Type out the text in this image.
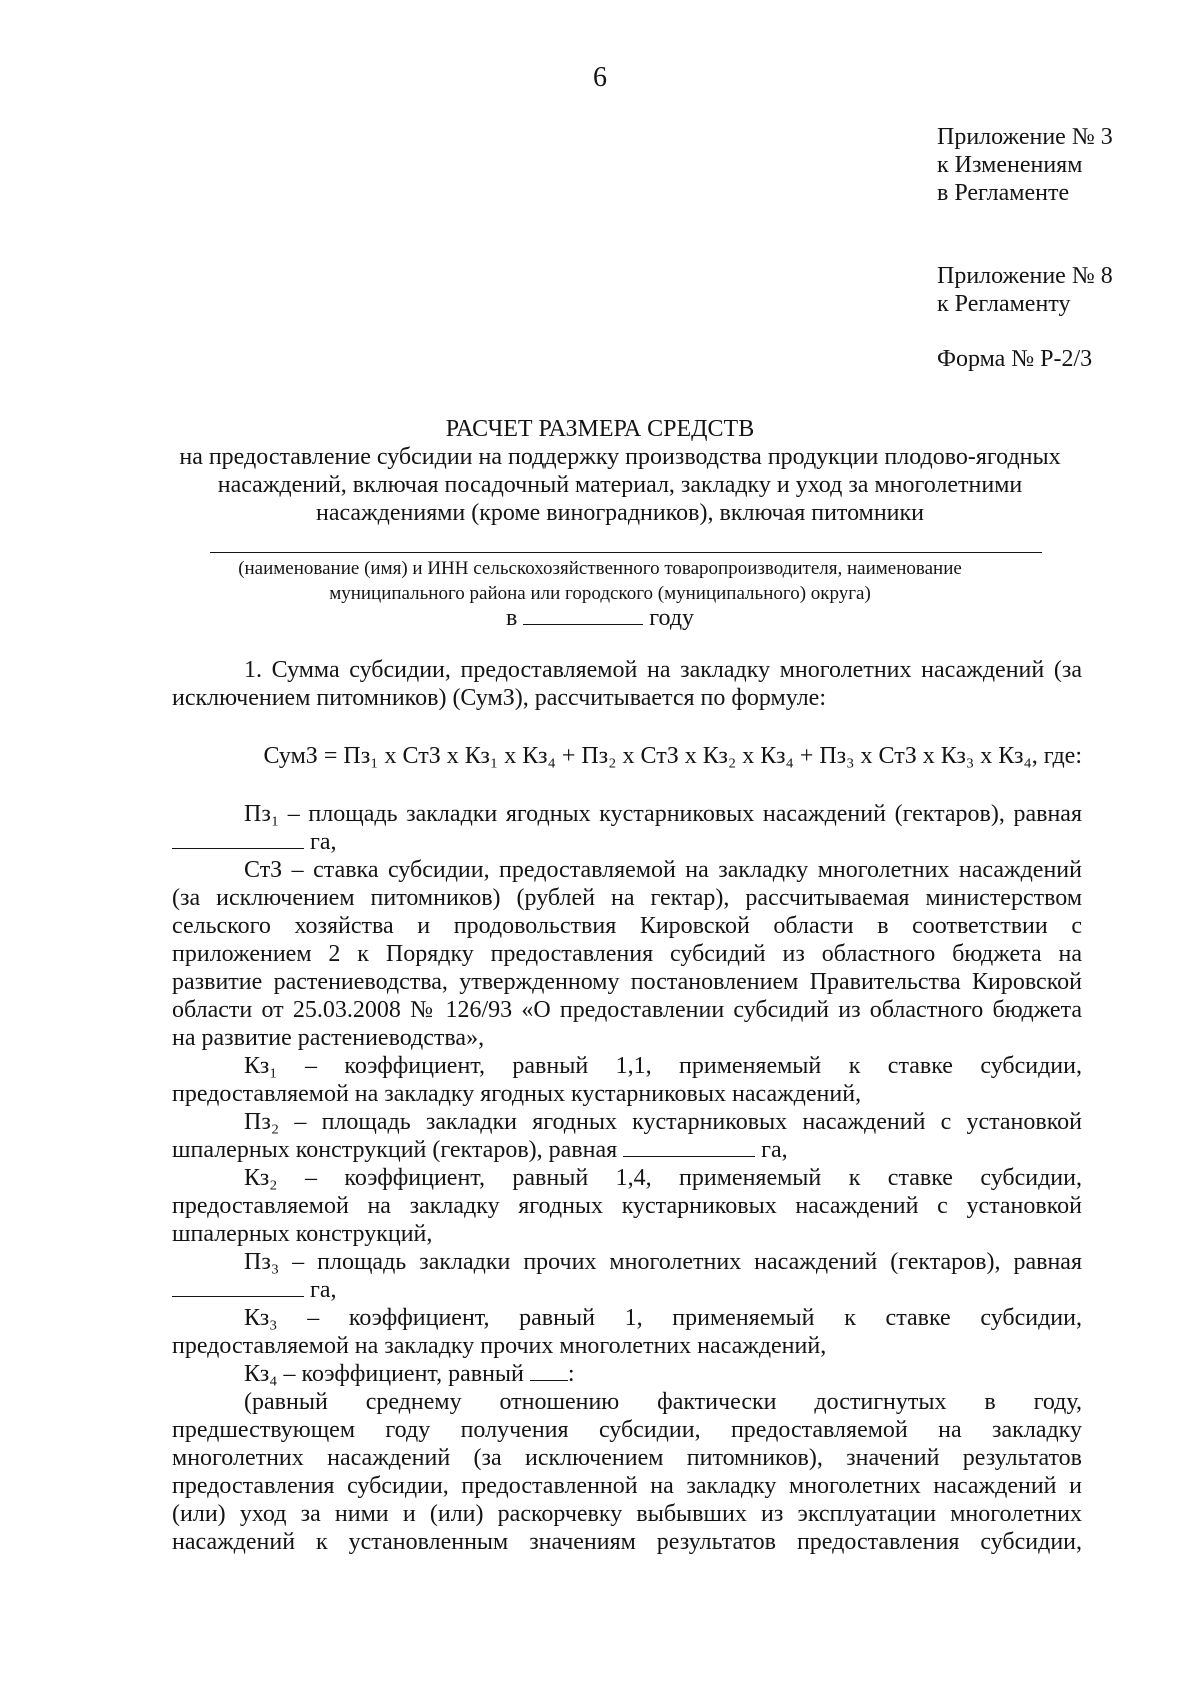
6
Приложение № 3
к Изменениям
в Регламенте
Приложение № 8
к Регламенту
Форма № Р-2/3
РАСЧЕТ РАЗМЕРА СРЕДСТВ
на предоставление субсидии на поддержку производства продукции плодово-ягодных
насаждений, включая посадочный материал, закладку и уход за многолетними
насаждениями (кроме виноградников), включая питомники
(наименование (имя) и ИНН сельскохозяйственного товаропроизводителя, наименование
муниципального района или городского (муниципального) округа)
в	году

1. Сумма субсидии, предоставляемой на закладку многолетних насаждений (за

исключением питомников) (СумЗ), рассчитывается по формуле:

СумЗ = Пз₁ х СтЗ х Кз₁ х Кз₄ + Пз₂ х СтЗ х Кз₂ х Кз₄ + Пз₃ х СтЗ х Кз₃ х Кз₄, где:

Пз₁ – площадь закладки ягодных кустарниковых насаждений (гектаров), равная

га,

СтЗ – ставка субсидии, предоставляемой на закладку многолетних насаждений

(за исключением питомников) (рублей на гектар), рассчитываемая министерством

сельского хозяйства и продовольствия Кировской области в соответствии с

приложением 2 к Порядку предоставления субсидий из областного бюджета на

развитие растениеводства, утвержденному постановлением Правительства Кировской

области от 25.03.2008 № 126/93 «О предоставлении субсидий из областного бюджета

на развитие растениеводства»,

Кз₁ – коэффициент, равный 1,1, применяемый к ставке субсидии,

предоставляемой на закладку ягодных кустарниковых насаждений,

Пз₂ – площадь закладки ягодных кустарниковых насаждений с установкой

шпалерных конструкций (гектаров), равная	га,

Кз₂ – коэффициент, равный 1,4, применяемый к ставке субсидии,

предоставляемой на закладку ягодных кустарниковых насаждений с установкой

шпалерных конструкций,

Пз₃ – площадь закладки прочих многолетних насаждений (гектаров), равная

га,

Кз₃ – коэффициент, равный 1, применяемый к ставке субсидии,

предоставляемой на закладку прочих многолетних насаждений,

Кз₄ – коэффициент, равный :

(равный среднему отношению фактически достигнутых в году,

предшествующем году получения субсидии, предоставляемой на закладку

многолетних насаждений (за исключением питомников), значений результатов

предоставления субсидии, предоставленной на закладку многолетних насаждений и

(или) уход за ними и (или) раскорчевку выбывших из эксплуатации многолетних

насаждений к установленным значениям результатов предоставления субсидии,
